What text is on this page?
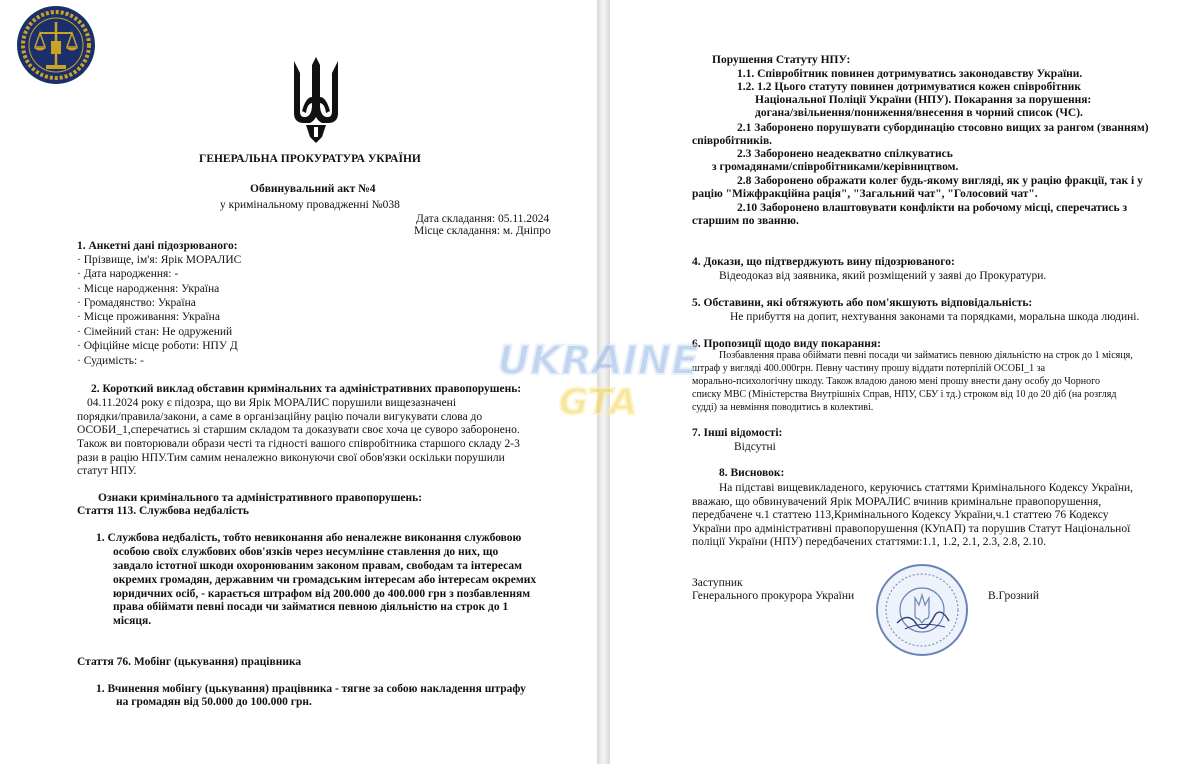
ГЕНЕРАЛЬНА ПРОКУРАТУРА УКРАЇНИ
Обвинувальний акт №4
у кримінальному провадженні №038
Дата складання: 05.11.2024
Місце складання: м. Дніпро
1. Анкетні дані підозрюваного:
· Прізвище, ім'я: Ярік МОРАЛИС
· Дата народження: -
· Місце народження: Україна
· Громадянство: Україна
· Місце проживання: Україна
· Сімейний стан: Не одружений
· Офіційне місце роботи: НПУ Д
· Судимість: -
2. Короткий виклад обставин кримінальних та адміністративних правопорушень:
04.11.2024 року є підозра, що ви Ярік МОРАЛИС порушили вищезазначені
порядки/правила/закони, а саме в організаційну рацію почали вигукувати слова до
ОСОБИ_1,сперечатись зі старшим складом та доказувати своє хоча це суворо заборонено.
Також ви повторювали образи честі та гідності вашого співробітника старшого складу 2-3
рази в рацію НПУ.Тим самим неналежно виконуючи свої обов'язки оскільки порушили
статут НПУ.
Ознаки кримінального та адміністративного правопорушень:
Стаття 113. Службова недбалість
1. Службова недбалість, тобто невиконання або неналежне виконання службовою
особою своїх службових обов'язків через несумлінне ставлення до них, що
завдало істотної шкоди охоронюваним законом правам, свободам та інтересам
окремих громадян, державним чи громадським інтересам або інтересам окремих
юридичних осіб, - карається штрафом від 200.000 до 400.000 грн з позбавленням
права обіймати певні посади чи займатися певною діяльністю на строк до 1
місяця.
Стаття 76. Мобінг (цькування) працівника
1. Вчинення мобінгу (цькування) працівника - тягне за собою накладення штрафу
на громадян від 50.000 до 100.000 грн.
Порушення Статуту НПУ:
1.1. Співробітник повинен дотримуватись законодавству України.
1.2. 1.2 Цього статуту повинен дотримуватися кожен співробітник
Національної Поліції України (НПУ). Покарання за порушення:
догана/звільнення/пониження/внесення в чорний список (ЧС).
2.1 Заборонено порушувати субординацію стосовно вищих за рангом (званням)
співробітників.
2.3 Заборонено неадекватно спілкуватись
з громадянами/співробітниками/керівництвом.
2.8 Заборонено ображати колег будь-якому вигляді, як у рацію фракції, так і у
рацію "Міжфракційна рація", "Загальний чат", "Голосовий чат".
2.10 Заборонено влаштовувати конфлікти на робочому місці, сперечатись з
старшим по званню.
4. Докази, що підтверджують вину підозрюваного:
Відеодоказ від заявника, який розміщений у заяві до Прокуратури.
5. Обставини, які обтяжують або пом'якшують відповідальність:
Не прибуття на допит, нехтування законами та порядками, моральна шкода людині.
6. Пропозиції щодо виду покарання:
Позбавлення права обіймати певні посади чи займатись певною діяльністю на строк до 1 місяця,
штраф у вигляді 400.000грн. Певну частину прошу віддати потерпілій ОСОБІ_1 за
морально-психологічну шкоду. Також владою даною мені прошу внести дану особу до Чорного
списку МВС (Міністерства Внутрішніх Справ, НПУ, СБУ і тд.) строком від 10 до 20 діб (на розгляд
судді) за невміння поводитись в колективі.
7. Інші відомості:
Відсутні
8. Висновок:
На підставі вищевикладеного, керуючись статтями Кримінального Кодексу України,
вважаю, що обвинувачений Ярік МОРАЛИС вчинив кримінальне правопорушення,
передбачене ч.1 статтею 113,Кримінального Кодексу України,ч.1 статтею 76 Кодексу
України про адміністративні правопорушення (КУпАП) та порушив Статут Національної
поліції України (НПУ) передбачених статтями:1.1, 1.2, 2.1, 2.3, 2.8, 2.10.
Заступник
Генерального прокурора України	В.Грозний
UKRAINE
GTA
